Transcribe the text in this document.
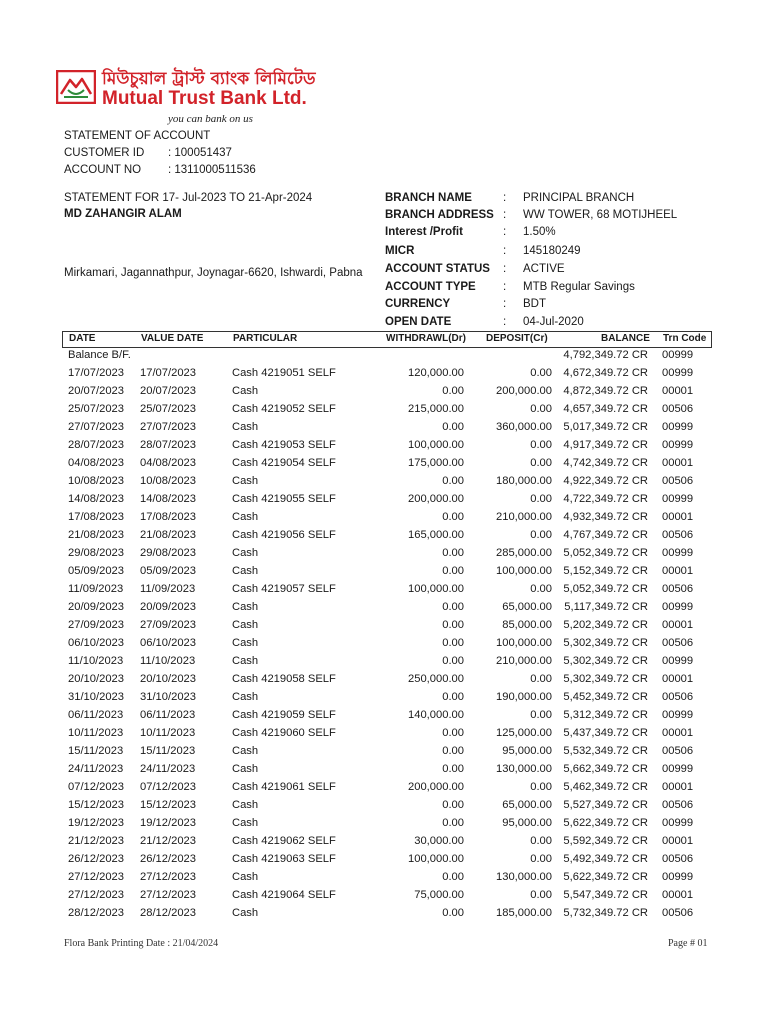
মিউচুয়াল ট্রাস্ট ব্যাংক লিমিটেড
Mutual Trust Bank Ltd.
you can bank on us
STATEMENT OF ACCOUNT
CUSTOMER ID : 100051437
ACCOUNT NO : 1311000511536
STATEMENT FOR 17- Jul-2023 TO 21-Apr-2024
MD ZAHANGIR ALAM
Mirkamari, Jagannathpur, Joynagar-6620, Ishwardi, Pabna
BRANCH NAME	: PRINCIPAL BRANCH
BRANCH ADDRESS : WW TOWER, 68 MOTIJHEEL
Interest /Profit	: 1.50%
MICR	: 145180249
ACCOUNT STATUS : ACTIVE
ACCOUNT TYPE : MTB Regular Savings
CURRENCY	: BDT
OPEN DATE	: 04-Jul-2020
DATE	VALUE DATE	PARTICULAR	WITHDRAWL(Dr) DEPOSIT(Cr)	BALANCE Trn Code
Balance B/F.	4,792,349.72 CR 00999
17/07/2023 17/07/2023	Cash 4219051 SELF	120,000.00	0.00 4,672,349.72 CR 00999
20/07/2023 20/07/2023	Cash	0.00	200,000.00 4,872,349.72 CR 00001
25/07/2023 25/07/2023	Cash 4219052 SELF	215,000.00	0.00 4,657,349.72 CR 00506
27/07/2023 27/07/2023	Cash	0.00	360,000.00 5,017,349.72 CR 00999
28/07/2023 28/07/2023	Cash 4219053 SELF	100,000.00	0.00 4,917,349.72 CR 00999
04/08/2023 04/08/2023	Cash 4219054 SELF	175,000.00	0.00 4,742,349.72 CR 00001
10/08/2023 10/08/2023	Cash	0.00	180,000.00 4,922,349.72 CR 00506
14/08/2023 14/08/2023	Cash 4219055 SELF	200,000.00	0.00 4,722,349.72 CR 00999
17/08/2023 17/08/2023	Cash	0.00	210,000.00 4,932,349.72 CR 00001
21/08/2023 21/08/2023	Cash 4219056 SELF	165,000.00	0.00 4,767,349.72 CR 00506
29/08/2023 29/08/2023	Cash	0.00	285,000.00 5,052,349.72 CR 00999
05/09/2023 05/09/2023	Cash	0.00	100,000.00 5,152,349.72 CR 00001
11/09/2023 11/09/2023	Cash 4219057 SELF	100,000.00	0.00 5,052,349.72 CR 00506
20/09/2023 20/09/2023	Cash	0.00	65,000.00 5,117,349.72 CR 00999
27/09/2023 27/09/2023	Cash	0.00	85,000.00 5,202,349.72 CR 00001
06/10/2023 06/10/2023	Cash	0.00	100,000.00 5,302,349.72 CR 00506
11/10/2023 11/10/2023	Cash	0.00	210,000.00 5,302,349.72 CR 00999
20/10/2023 20/10/2023	Cash 4219058 SELF	250,000.00	0.00 5,302,349.72 CR 00001
31/10/2023 31/10/2023	Cash	0.00	190,000.00 5,452,349.72 CR 00506
06/11/2023 06/11/2023	Cash 4219059 SELF	140,000.00	0.00 5,312,349.72 CR 00999
10/11/2023 10/11/2023	Cash 4219060 SELF	0.00	125,000.00 5,437,349.72 CR 00001
15/11/2023 15/11/2023	Cash	0.00	95,000.00 5,532,349.72 CR 00506
24/11/2023 24/11/2023	Cash	0.00	130,000.00 5,662,349.72 CR 00999
07/12/2023 07/12/2023	Cash 4219061 SELF	200,000.00	0.00 5,462,349.72 CR 00001
15/12/2023 15/12/2023	Cash	0.00	65,000.00 5,527,349.72 CR 00506
19/12/2023 19/12/2023	Cash	0.00	95,000.00 5,622,349.72 CR 00999
21/12/2023 21/12/2023	Cash 4219062 SELF	30,000.00	0.00 5,592,349.72 CR 00001
26/12/2023 26/12/2023	Cash 4219063 SELF	100,000.00	0.00 5,492,349.72 CR 00506
27/12/2023 27/12/2023	Cash	0.00	130,000.00 5,622,349.72 CR 00999
27/12/2023 27/12/2023	Cash 4219064 SELF	75,000.00	0.00 5,547,349.72 CR 00001
28/12/2023 28/12/2023	Cash	0.00	185,000.00 5,732,349.72 CR 00506
Flora Bank Printing Date : 21/04/2024	Page # 01
